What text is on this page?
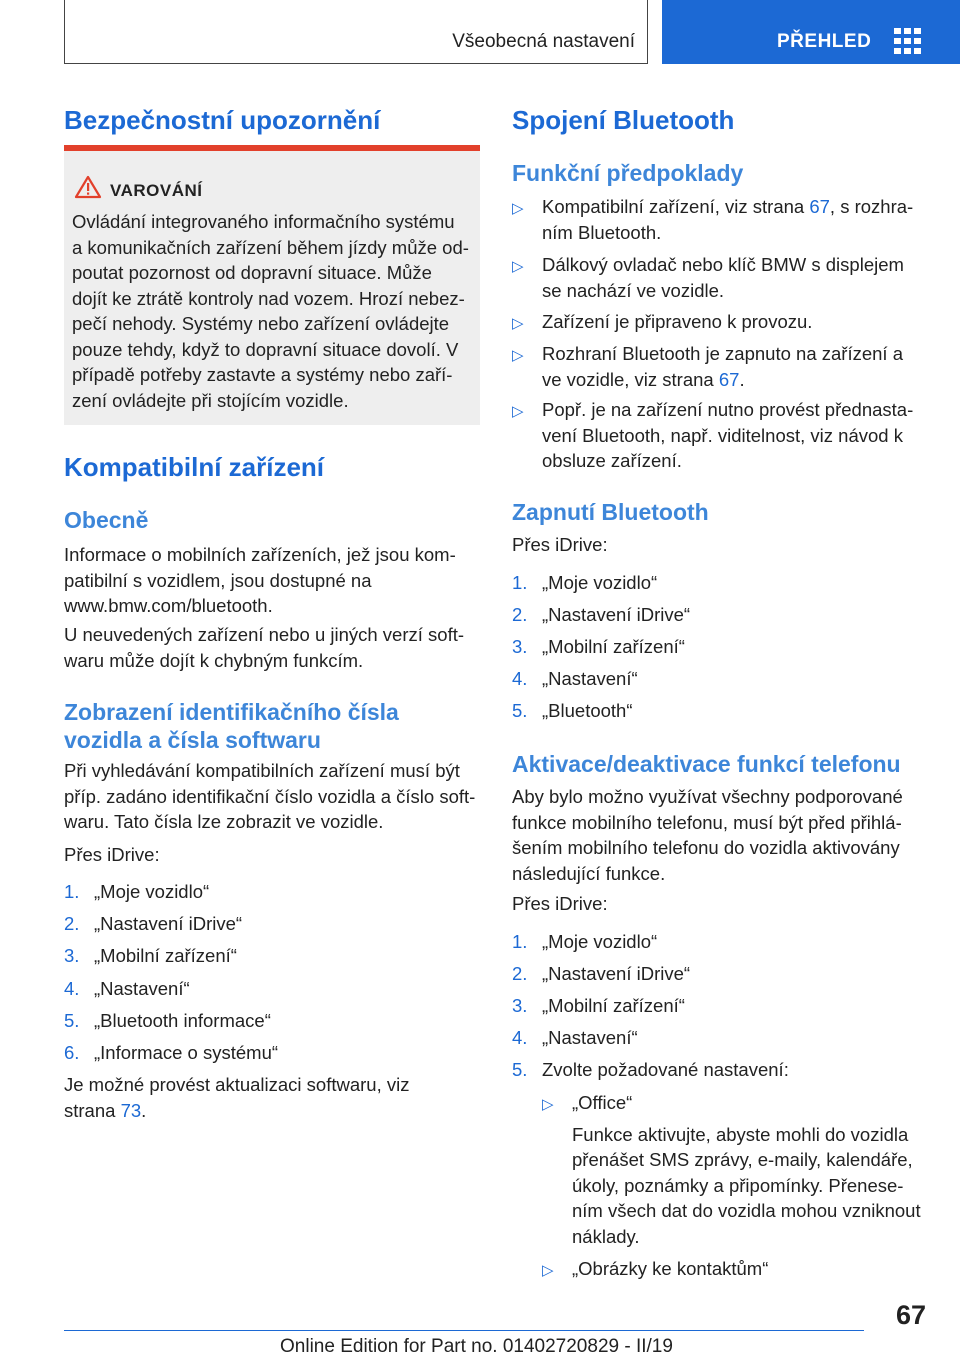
Všeobecná nastavení	PŘEHLED
Bezpečnostní upozornění
VAROVÁNÍ
Ovládání integrovaného informačního systému
a komunikačních zařízení během jízdy může od-
poutat pozornost od dopravní situace. Může
dojít ke ztrátě kontroly nad vozem. Hrozí nebez-
pečí nehody. Systémy nebo zařízení ovládejte
pouze tehdy, když to dopravní situace dovolí. V
případě potřeby zastavte a systémy nebo zaří-
zení ovládejte při stojícím vozidle.
Kompatibilní zařízení
Obecně
Informace o mobilních zařízeních, jež jsou kom-
patibilní s vozidlem, jsou dostupné na
www.bmw.com/bluetooth.
U neuvedených zařízení nebo u jiných verzí soft-
waru může dojít k chybným funkcím.
Zobrazení identifikačního čísla
vozidla a čísla softwaru
Při vyhledávání kompatibilních zařízení musí být
příp. zadáno identifikační číslo vozidla a číslo soft-
waru. Tato čísla lze zobrazit ve vozidle.
Přes iDrive:
1. „Moje vozidlo“
2. „Nastavení iDrive“
3. „Mobilní zařízení“
4. „Nastavení“
5. „Bluetooth informace“
6. „Informace o systému“
Je možné provést aktualizaci softwaru, viz
strana 73.
Spojení Bluetooth
Funkční předpoklady
▷ Kompatibilní zařízení, viz strana 67, s rozhra-
ním Bluetooth.
▷ Dálkový ovladač nebo klíč BMW s displejem
se nachází ve vozidle.
▷ Zařízení je připraveno k provozu.
▷ Rozhraní Bluetooth je zapnuto na zařízení a
ve vozidle, viz strana 67.
▷ Popř. je na zařízení nutno provést přednasta-
vení Bluetooth, např. viditelnost, viz návod k
obsluze zařízení.
Zapnutí Bluetooth
Přes iDrive:
1. „Moje vozidlo“
2. „Nastavení iDrive“
3. „Mobilní zařízení“
4. „Nastavení“
5. „Bluetooth“
Aktivace/deaktivace funkcí telefonu
Aby bylo možno využívat všechny podporované
funkce mobilního telefonu, musí být před přihlá-
šením mobilního telefonu do vozidla aktivovány
následující funkce.
Přes iDrive:
1. „Moje vozidlo“
2. „Nastavení iDrive“
3. „Mobilní zařízení“
4. „Nastavení“
5. Zvolte požadované nastavení:
▷ „Office“
Funkce aktivujte, abyste mohli do vozidla
přenášet SMS zprávy, e-maily, kalendáře,
úkoly, poznámky a připomínky. Přenese-
ním všech dat do vozidla mohou vzniknout
náklady.
▷ „Obrázky ke kontaktům“
67
Online Edition for Part no. 01402720829 - II/19
